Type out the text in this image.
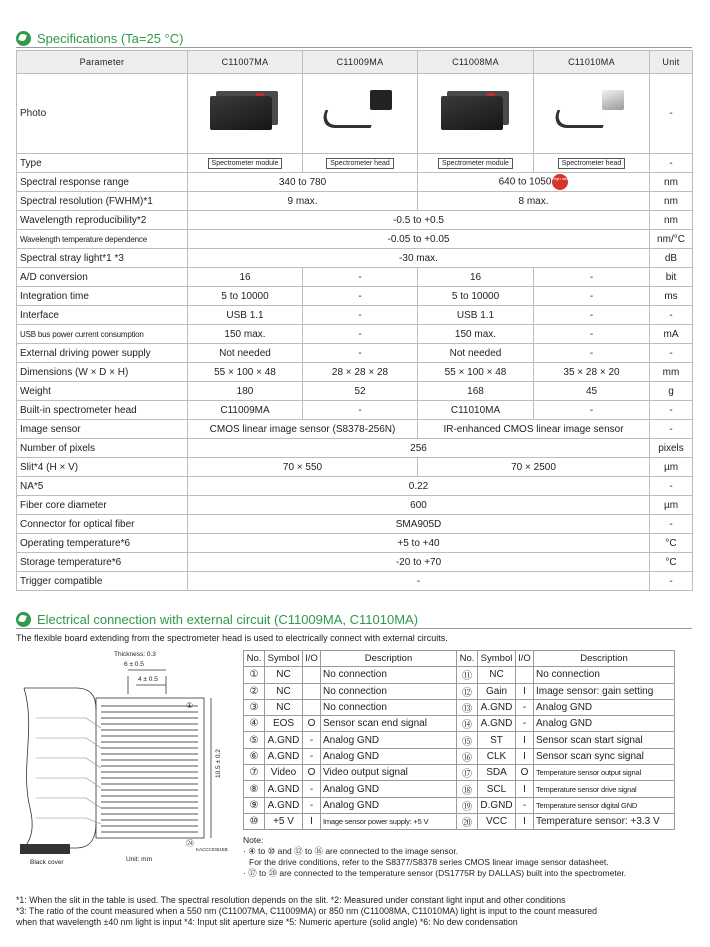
Specifications (Ta=25 °C)
Parameter	C11007MA	C11009MA	C11008MA	C11010MA	Unit
Photo					-
Type	Spectrometer module	Spectrometer head	Spectrometer module	Spectrometer head	-
Spectral response range	340 to 780		640 to 1050High near IR sensitivity		nm
Spectral resolution (FWHM)*1	9 max.		8 max.		nm
Wavelength reproducibility*2	-0.5 to +0.5				nm
Wavelength temperature dependence	-0.05 to +0.05				nm/°C
Spectral stray light*1 *3	-30 max.				dB
A/D conversion	16	-	16	-	bit
Integration time	5 to 10000	-	5 to 10000	-	ms
Interface	USB 1.1	-	USB 1.1	-	-
USB bus power current consumption	150 max.	-	150 max.	-	mA
External driving power supply	Not needed	-	Not needed	-	-
Dimensions (W × D × H)	55 × 100 × 48	28 × 28 × 28	55 × 100 × 48	35 × 28 × 20	mm
Weight	180	52	168	45	g
Built-in spectrometer head	C11009MA	-	C11010MA	-	-
Image sensor	CMOS linear image sensor (S8378-256N)		IR-enhanced CMOS linear image sensor		-
Number of pixels	256				pixels
Slit*4 (H × V)	70 × 550		70 × 2500		µm
NA*5	0.22				-
Fiber core diameter	600				µm
Connector for optical fiber	SMA905D				-
Operating temperature*6	+5 to +40				°C
Storage temperature*6	-20 to +70				°C
Trigger compatible	-				-
Electrical connection with external circuit (C11009MA, C11010MA)
The flexible board extending from the spectrometer head is used to electrically connect with external circuits.
Thickness: 0.3
6 ± 0.5
4 ± 0.5
10.5 ± 0.2
①
㉔
Black cover	Unit: mm
KACCC0361EB
No.	Symbol	I/O	Description	No.	Symbol	I/O	Description
①	NC		No connection	⑪	NC		No connection
②	NC		No connection	⑫	Gain	I	Image sensor: gain setting
③	NC		No connection	⑬	A.GND	-	Analog GND
④	EOS	O	Sensor scan end signal	⑭	A.GND	-	Analog GND
⑤	A.GND	-	Analog GND	⑮	ST	I	Sensor scan start signal
⑥	A.GND	-	Analog GND	⑯	CLK	I	Sensor scan sync signal
⑦	Video	O	Video output signal	⑰	SDA	O	Temperature sensor output signal
⑧	A.GND	-	Analog GND	⑱	SCL	I	Temperature sensor drive signal
⑨	A.GND	-	Analog GND	⑲	D.GND	-	Temperature sensor digital GND
⑩	+5 V	I	Image sensor power supply: +5 V	⑳	VCC	I	Temperature sensor: +3.3 V
Note:
· ④ to ⑩ and ⑫ to ⑯ are connected to the image sensor.
For the drive conditions, refer to the S8377/S8378 series CMOS linear image sensor datasheet.
· ⑰ to ⑳ are connected to the temperature sensor (DS1775R by DALLAS) built into the spectrometer.
*1: When the slit in the table is used. The spectral resolution depends on the slit. *2: Measured under constant light input and other conditions
*3: The ratio of the count measured when a 550 nm (C11007MA, C11009MA) or 850 nm (C11008MA, C11010MA) light is input to the count measured
when that wavelength ±40 nm light is input *4: Input slit aperture size *5: Numeric aperture (solid angle) *6: No dew condensation
